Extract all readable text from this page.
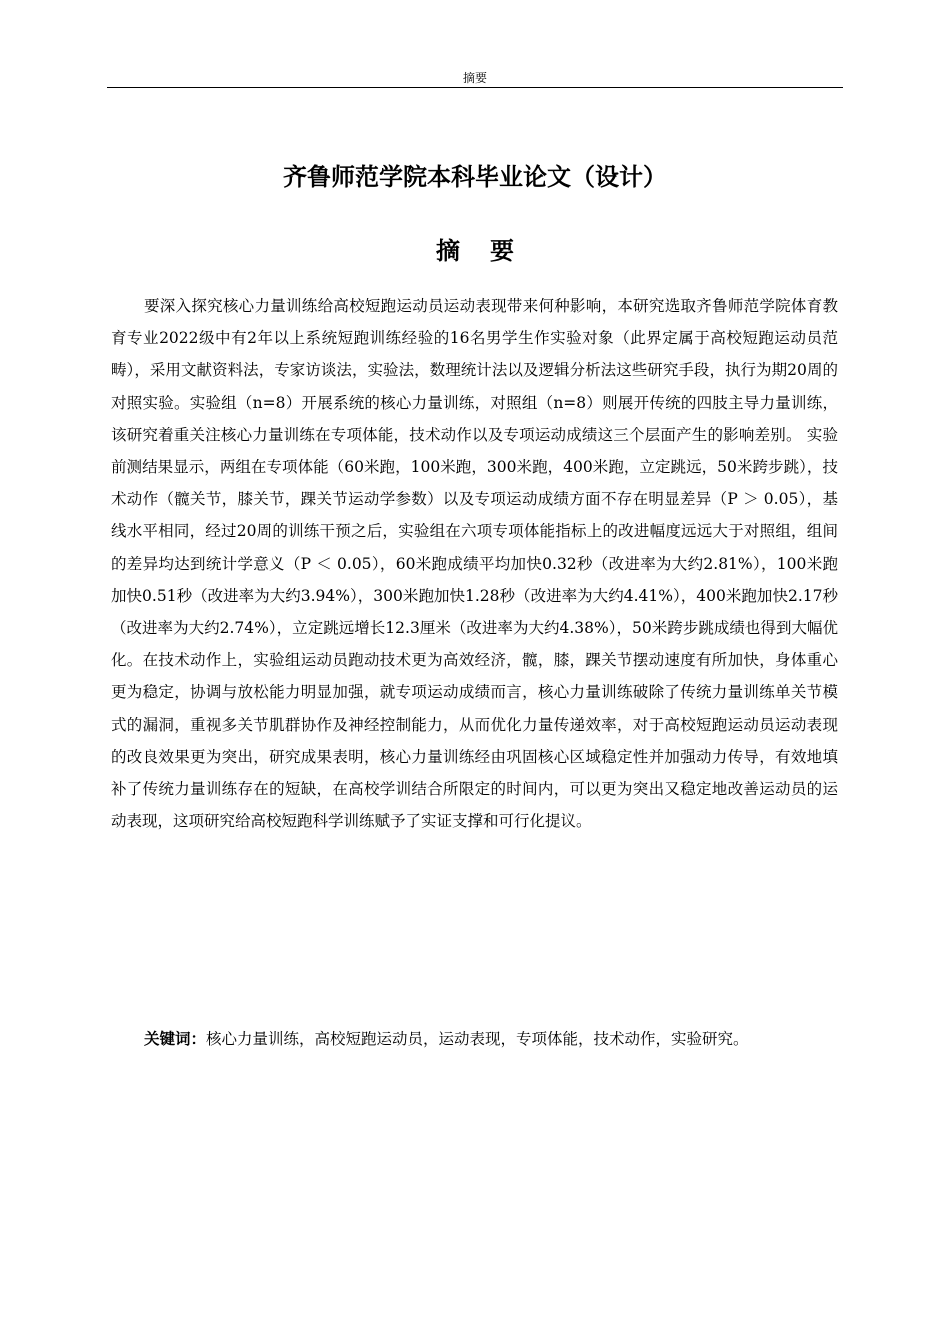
摘要
齐鲁师范学院本科毕业论文（设计）
摘要

要深入探究核心力量训练给高校短跑运动员运动表现带来何种影响，本研究选取齐鲁师范学院体育教育专业2022级中有2年以上系统短跑训练经验的16名男学生作实验对象（此界定属于高校短跑运动员范畴），采用文献资料法，专家访谈法，实验法，数理统计法以及逻辑分析法这些研究手段，执行为期20周的对照实验。实验组（n=8）开展系统的核心力量训练，对照组（n=8）则展开传统的四肢主导力量训练，该研究着重关注核心力量训练在专项体能，技术动作以及专项运动成绩这三个层面产生的影响差别。 实验前测结果显示，两组在专项体能（60米跑，100米跑，300米跑，400米跑，立定跳远，50米跨步跳），技术动作（髋关节，膝关节，踝关节运动学参数）以及专项运动成绩方面不存在明显差异（P ＞ 0.05），基线水平相同，经过20周的训练干预之后，实验组在六项专项体能指标上的改进幅度远远大于对照组，组间的差异均达到统计学意义（P ＜ 0.05），60米跑成绩平均加快0.32秒（改进率为大约2.81%），100米跑加快0.51秒（改进率为大约3.94%），300米跑加快1.28秒（改进率为大约4.41%），400米跑加快2.17秒（改进率为大约2.74%），立定跳远增长12.3厘米（改进率为大约4.38%），50米跨步跳成绩也得到大幅优化。在技术动作上，实验组运动员跑动技术更为高效经济，髋，膝，踝关节摆动速度有所加快，身体重心更为稳定，协调与放松能力明显加强，就专项运动成绩而言，核心力量训练破除了传统力量训练单关节模式的漏洞，重视多关节肌群协作及神经控制能力，从而优化力量传递效率，对于高校短跑运动员运动表现的改良效果更为突出，研究成果表明，核心力量训练经由巩固核心区域稳定性并加强动力传导，有效地填补了传统力量训练存在的短缺，在高校学训结合所限定的时间内，可以更为突出又稳定地改善运动员的运动表现，这项研究给高校短跑科学训练赋予了实证支撑和可行化提议。

关键词：核心力量训练，高校短跑运动员，运动表现，专项体能，技术动作，实验研究。
